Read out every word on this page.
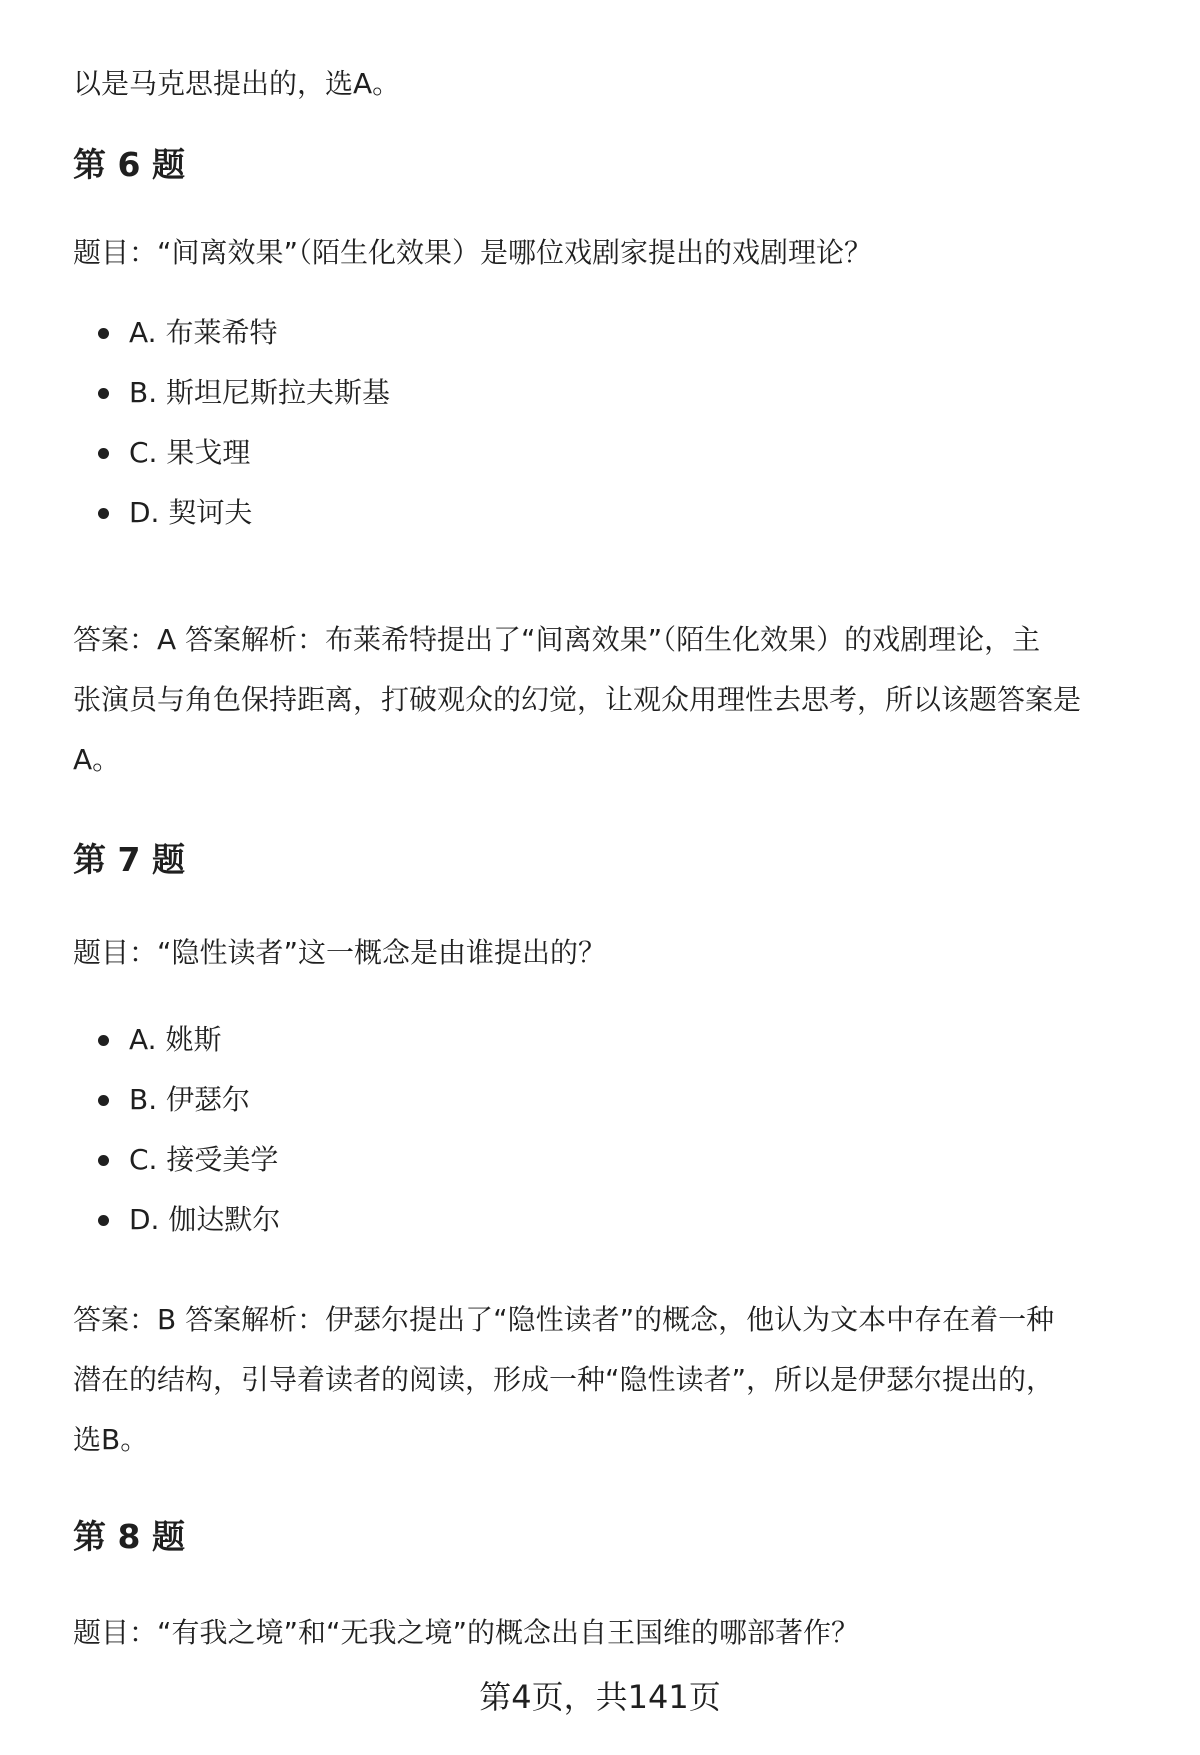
以是马克思提出的，选A。
第 6 题
题目：“间离效果”（陌生化效果）是哪位戏剧家提出的戏剧理论？
A. 布莱希特
B. 斯坦尼斯拉夫斯基
C. 果戈理
D. 契诃夫
答案：A 答案解析：布莱希特提出了“间离效果”（陌生化效果）的戏剧理论，主
张演员与角色保持距离，打破观众的幻觉，让观众用理性去思考，所以该题答案是
A。
第 7 题
题目：“隐性读者”这一概念是由谁提出的？
A. 姚斯
B. 伊瑟尔
C. 接受美学
D. 伽达默尔
答案：B 答案解析：伊瑟尔提出了“隐性读者”的概念，他认为文本中存在着一种
潜在的结构，引导着读者的阅读，形成一种“隐性读者”，所以是伊瑟尔提出的，
选B。
第 8 题
题目：“有我之境”和“无我之境”的概念出自王国维的哪部著作？
第4页，共141页
